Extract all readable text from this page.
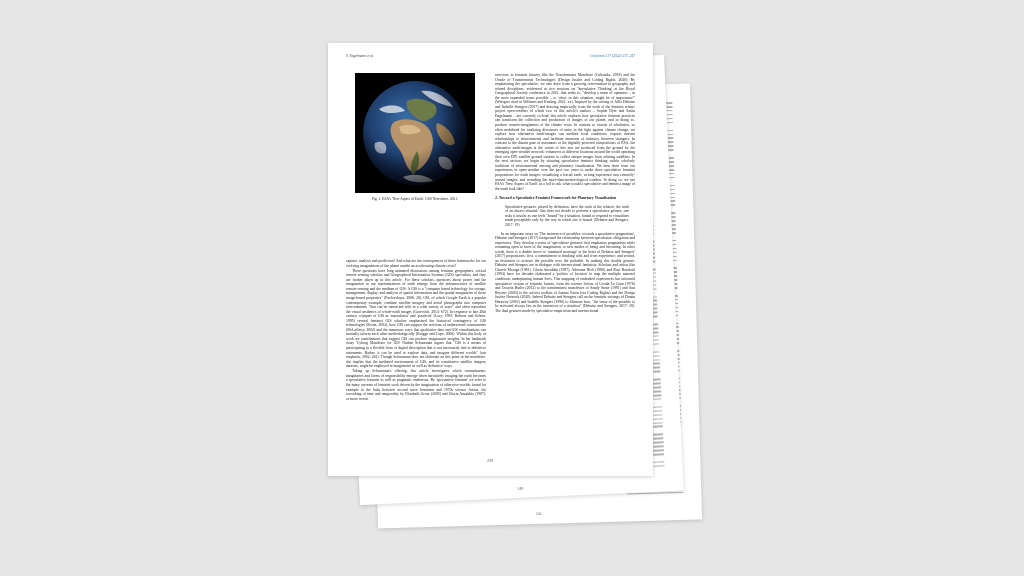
241
240
S. Engelmann et al.	Geoforum 137 (2022) 237–247
Fig. 1. ESA's 'New Aspect of Earth', GSS Newsletter, 2021.

capture, analysis and prediction? And what are the consequences of these frameworks for our evolving imaginations of the planet amidst an accelerating climate crisis?

These questions have long animated discussions among feminist geographers, critical remote sensing scholars and Geographical Information Systems (GIS) specialists, and they are further taken up in this article. For these scholars, questions about power and the imagination to our representations of earth emerge from the infrastructures of satellite remote sensing and the medium of GIS. A GIS is a "computer based technology for storage, management, display, and analysis of spatial information and the spatial imaginaries of those image-based properties" (Pavlovskaya, 2006: 20), GIS, of which Google Earth is a popular contemporary example, combine satellite imagery and aerial photographs into computer environments, "that can be interacted with in a wide variety of ways" and often reproduce the visual aesthetics of whole-earth images (Gurevitch, 2014: 672). In response to late 20th century critiques of GIS as 'masculinist' and 'positivist' (Lacy, 1995; Roberts and Schein, 1995) several feminist GIS scholars emphasized the historical contingency of GIS technologies (Kwan, 2002), how GIS can support the activism of underserved communities (McLafferty, 2002) and the numerous ways that qualitative data and GIS visualizations can mutually inform each other methodologically (Knigge and Cope, 2006). Within this body of work are contributions that suggest GIS can produce imaginative insights. In her landmark essay 'Cyborg Manifesto for GIS' Nadine Schuurman argues that "GIS is a means of participating in a flexible form of digital description that is not necessarily tied to definitive statements. Rather, it can be used to explore data, and imagine different worlds" (our emphasis; 2002: 262). Though Schuurman does not elaborate on this point in the manifesto, she implies that the mediated environment of GIS, and its constitutive satellite imagery datasets, might be employed in imaginative as well as 'definitive' ways.

Taking up Schuurman's offering, this article investigates which commitments, imaginaries and forms of responsibility emerge when narratively imaging the earth becomes a speculative feminist as well as pragmatic endeavour. By 'speculative feminist' we refer to the many currents of feminist work driven by the imagination of otherwise-worlds, found for example in the links between second wave feminism and 1970s science fiction, the reworking of time and temporality by Elizabeth Grosz (2005) and Gloria Anzaldúa (1987), or more recent

exercises in feminist futurity like the Xenofeminist Manifesto (Cuboniks, 2018) and the Oracle of Transfeminist Technologies (Design Justice and Coding Rights, 2020). By emphasizing the speculative, we also draw from a growing conversation in geography and related disciplines, evidenced in two sessions on 'Speculative Thinking' at the Royal Geographical Society conference in 2021, that seeks to, "develop a sense of openness – in the most expanded terms possible – to 'what, in this situation, might be of importance'" (Wiesgret cited in Williams and Keating, 2021: xx). Inspired by the writing of Júlio Debaise and Isabelle Stengers (2017) and drawing empirically from the work of the feminist artistic project open-weather of which two of this article's authors – Sophie Dyer and Sasha Engelmann – are currently co-lead, this article explores how speculative feminist practices can transform the collection and production of images of our planet, and in doing so, produce counter-imaginaries of the climate crisis. In contrast to visions of wholeness, so often mobilized for totalizing discourses of unity in the fight against climate change, we explore how alternative earth-images can mediate local conditions, express uneven relationships to environments and facilitate moments of intimacy between strangers. In contrast to the distant gaze of astronauts or the digitally powered compositions of ESA, the alternative earth-images at the centre of this text are produced from the ground by the emerging open-weather network: volunteers at different locations around the world operating their own DIY satellite ground stations to collect unique images from orbiting satellites. In the next section, we begin by situating speculative feminist thinking within scholarly traditions of environmental sensing and planetary visualization. We then draw from our experiences in open-weather over the past two years to make three speculative feminist propositions for earth images: visualizing a fractal earth; writing experience into remotely-sensed images; and rereading the more-than-meteorological weather. In doing so, we use ESA's 'New Aspect of Earth' as a foil to ask: what would a speculative and feminist image of the earth look like?

2. Toward a Speculative Feminist Framework for Planetary Visualisation

Speculative gestures, played by definition, have the truth of the relative, the truth of an always situated. One does not decide to perform a speculative gesture, one risks it insofar as one feels "bound" by a situation, bound to respond to virtualities made perceptible only by the way in which one is bound. (Debaise and Stengers, 2017: 19)

In an important essay on 'The insistence of possibles: towards a speculative pragmatism', Debaise and Stengers (2017) foreground the relationship between speculation, obligation and experience. They develop a series of 'speculative gestures' that emphasize pragmatism while remaining open to lures of the imagination, or new modes of being and becoming. In other words, there is a double move or 'unnatural marriage' at the heart of Debaise and Stengers' (2017) propositions: first, a commitment to thinking with and from experience; and second, an invitation to activate the possible over the probable. In making this double gesture, Debaise and Stengers are in dialogue with intersectional feminists. Scholars and artists like Cherríe Moraga (1981), Gloria Anzaldúa (1987), Adrienne Rich (1986) and Rosi Braidotti (1994) have for decades elaborated a 'politics of location' to map the multiple material conditions underpinning human lives. This mapping of embodied experiences has informed speculative visions of feminist futures, from the science fiction of Ursula Le Guin (1976) and Octavia Butler (2012) to the transfeminist manifestos of Sandy Stone (1991) and Ana Reyano (2020) to the activist toolkits of Joanna Varon (via Coding Rights) and the Design Justice Network (2020). Indeed Debaise and Stengers call on the feminist writings of Donna Haraway (2016) and Isabelle Stengers (1996) to illustrate how, "the sense of the possible to be activated always lies in the interstices of a situation" (Debaise and Stengers, 2017: 18). The dual gestures made by speculative empiricism and intersectional

239
